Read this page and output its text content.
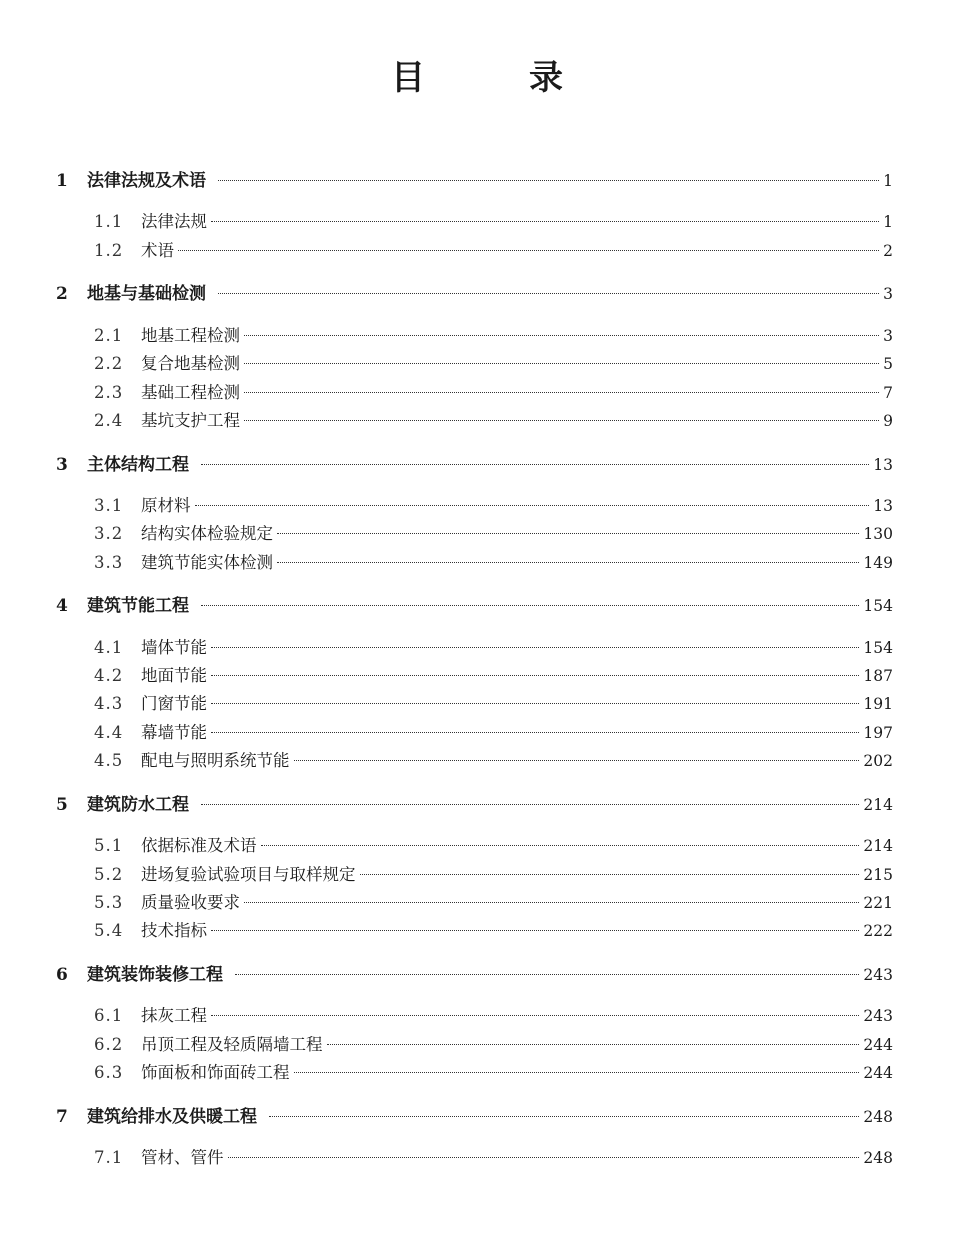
目	录
1	法律法规及术语	1
1.1	法律法规	1
1.2	术语	2
2	地基与基础检测	3
2.1	地基工程检测	3
2.2	复合地基检测	5
2.3	基础工程检测	7
2.4	基坑支护工程	9
3	主体结构工程	13
3.1	原材料	13
3.2	结构实体检验规定	130
3.3	建筑节能实体检测	149
4	建筑节能工程	154
4.1	墙体节能	154
4.2	地面节能	187
4.3	门窗节能	191
4.4	幕墙节能	197
4.5	配电与照明系统节能	202
5	建筑防水工程	214
5.1	依据标准及术语	214
5.2	进场复验试验项目与取样规定	215
5.3	质量验收要求	221
5.4	技术指标	222
6	建筑装饰装修工程	243
6.1	抹灰工程	243
6.2	吊顶工程及轻质隔墙工程	244
6.3	饰面板和饰面砖工程	244
7	建筑给排水及供暖工程	248
7.1	管材、管件	248
